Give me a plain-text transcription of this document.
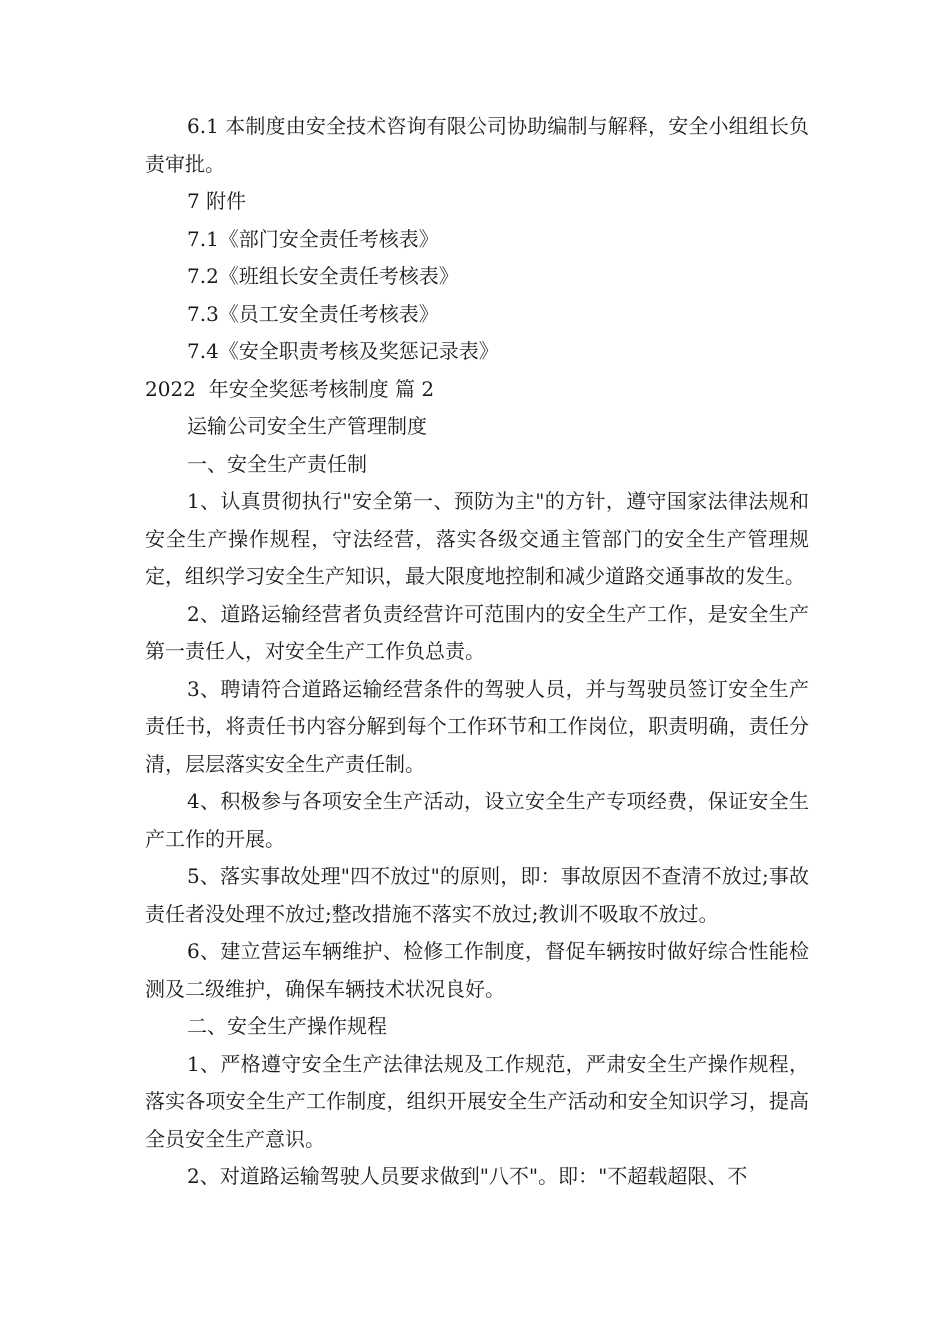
6.1 本制度由安全技术咨询有限公司协助编制与解释，安全小组组长负责审批。

7 附件

7.1《部门安全责任考核表》

7.2《班组长安全责任考核表》

7.3《员工安全责任考核表》

7.4《安全职责考核及奖惩记录表》

2022  年安全奖惩考核制度 篇 2

运输公司安全生产管理制度

一、安全生产责任制

1、认真贯彻执行"安全第一、预防为主"的方针，遵守国家法律法规和安全生产操作规程，守法经营，落实各级交通主管部门的安全生产管理规定，组织学习安全生产知识，最大限度地控制和减少道路交通事故的发生。

2、道路运输经营者负责经营许可范围内的安全生产工作，是安全生产第一责任人，对安全生产工作负总责。

3、聘请符合道路运输经营条件的驾驶人员，并与驾驶员签订安全生产责任书，将责任书内容分解到每个工作环节和工作岗位，职责明确，责任分清，层层落实安全生产责任制。

4、积极参与各项安全生产活动，设立安全生产专项经费，保证安全生产工作的开展。

5、落实事故处理"四不放过"的原则，即：事故原因不查清不放过;事故责任者没处理不放过;整改措施不落实不放过;教训不吸取不放过。

6、建立营运车辆维护、检修工作制度，督促车辆按时做好综合性能检测及二级维护，确保车辆技术状况良好。

二、安全生产操作规程

1、严格遵守安全生产法律法规及工作规范，严肃安全生产操作规程，落实各项安全生产工作制度，组织开展安全生产活动和安全知识学习，提高全员安全生产意识。

2、对道路运输驾驶人员要求做到"八不"。即："不超载超限、不
